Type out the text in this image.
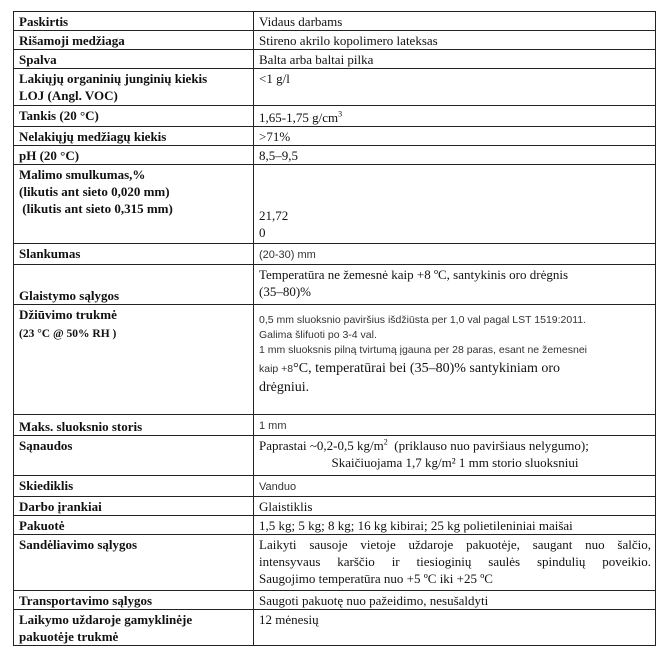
Paskirtis	Vidaus darbams
Rišamoji medžiaga	Stireno akrilo kopolimero lateksas
Spalva	Balta arba baltai pilka

Lakiųjų organinių junginių kiekis
LOJ (Angl. VOC)	<1 g/l
Tankis (20 °C)	1,65-1,75 $g/cm^3$
Nelakiųjų medžiagų kiekis	>71%
pH (20 °C)	8,5–9,5

Malimo smulkumas,%
(likutis ant sieto 0,020 mm)
(likutis ant sieto 0,315 mm)	21,72
0

Slankumas	(20-30) mm
Glaistymo sąlygos	Temperatūra ne žemesnė kaip +8 ºC, santykinis oro drėgnis
(35–80)%

Džiūvimo trukmė
(23 °C @ 50% RH )	0,5 mm sluoksnio paviršius išdžiūsta per 1,0 val pagal LST 1519:2011.
Galima šlifuoti po 3-4 val.
1 mm sluoksnis pilną tvirtumą įgauna per 28 paras, esant ne žemesnei
kaip +8°C, temperatūrai bei (35–80)% santykiniam oro
drėgniui.

Maks. sluoksnio storis	1 mm
Sąnaudos	Paprastai ~0,2-0,5 $kg/m^2$  (priklauso nuo paviršiaus nelygumo);
Skaičiuojama 1,7 kg/m² 1 mm storio sluoksniui

Skiediklis	Vanduo
Darbo įrankiai	Glaistiklis
Pakuotė	1,5 kg; 5 kg; 8 kg; 16 kg kibirai; 25 kg polietileniniai maišai
Sandėliavimo sąlygos	Laikyti sausoje vietoje uždaroje pakuotėje, saugant nuo šalčio,
intensyvaus karščio ir tiesioginių saulės spindulių poveikio.
Saugojimo temperatūra nuo +5 ºC iki +25 ºC

Transportavimo sąlygos	Saugoti pakuotę nuo pažeidimo, nesušaldyti

Laikymo uždaroje gamyklinėje
pakuotėje trukmė	12 mėnesių
